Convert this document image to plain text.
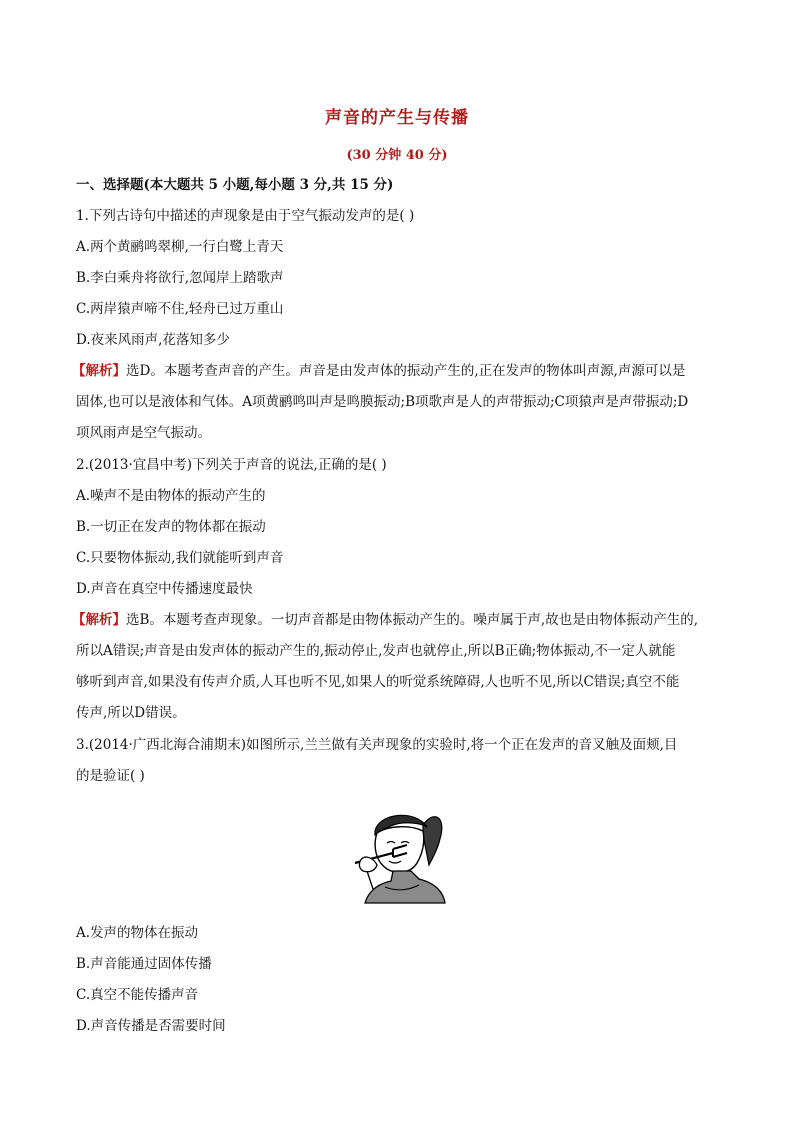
声音的产生与传播
(30 分钟 40 分)
一、选择题(本大题共 5 小题,每小题 3 分,共 15 分)
1.下列古诗句中描述的声现象是由于空气振动发声的是( )
A.两个黄鹂鸣翠柳,一行白鹭上青天
B.李白乘舟将欲行,忽闻岸上踏歌声
C.两岸猿声啼不住,轻舟已过万重山
D.夜来风雨声,花落知多少
【解析】选D。本题考查声音的产生。声音是由发声体的振动产生的,正在发声的物体叫声源,声源可以是
固体,也可以是液体和气体。A项黄鹂鸣叫声是鸣膜振动;B项歌声是人的声带振动;C项猿声是声带振动;D
项风雨声是空气振动。
2.(2013·宜昌中考)下列关于声音的说法,正确的是( )
A.噪声不是由物体的振动产生的
B.一切正在发声的物体都在振动
C.只要物体振动,我们就能听到声音
D.声音在真空中传播速度最快
【解析】选B。本题考查声现象。一切声音都是由物体振动产生的。噪声属于声,故也是由物体振动产生的,
所以A错误;声音是由发声体的振动产生的,振动停止,发声也就停止,所以B正确;物体振动,不一定人就能
够听到声音,如果没有传声介质,人耳也听不见,如果人的听觉系统障碍,人也听不见,所以C错误;真空不能
传声,所以D错误。
3.(2014·广西北海合浦期末)如图所示,兰兰做有关声现象的实验时,将一个正在发声的音叉触及面颊,目
的是验证( )
A.发声的物体在振动
B.声音能通过固体传播
C.真空不能传播声音
D.声音传播是否需要时间
